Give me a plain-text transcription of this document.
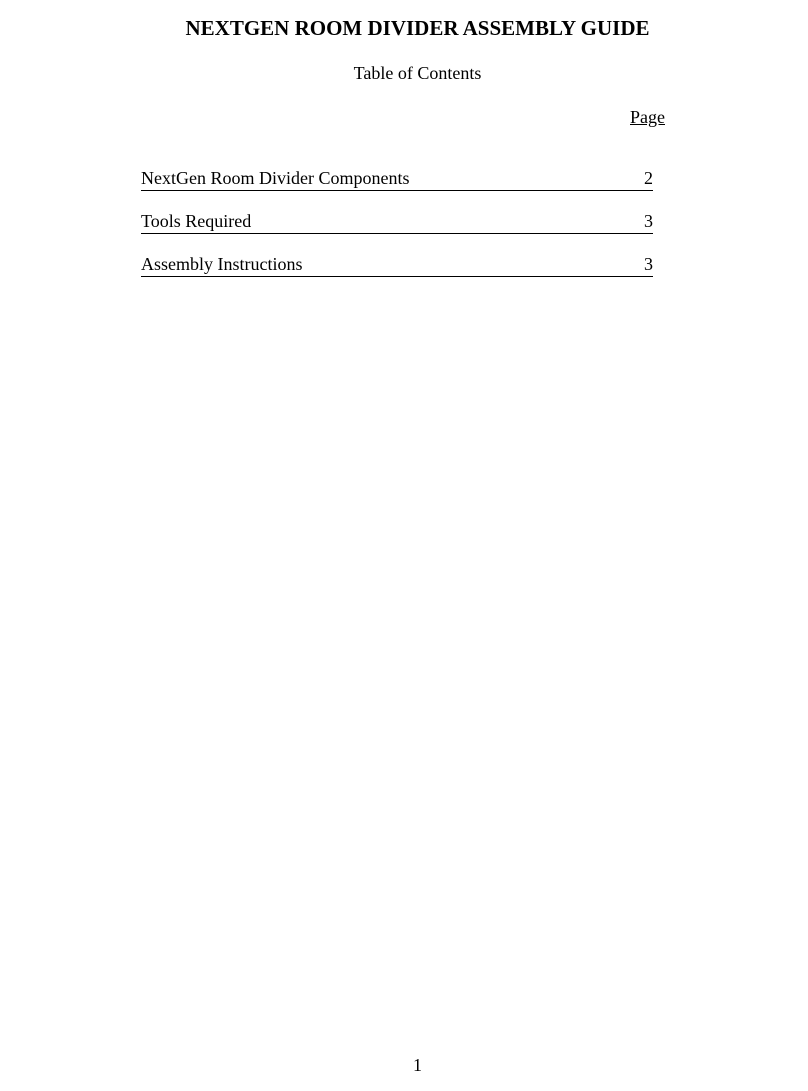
NEXTGEN ROOM DIVIDER ASSEMBLY GUIDE
Table of Contents
Page
NextGen Room Divider Components	2
Tools Required	3
Assembly Instructions	3
1
